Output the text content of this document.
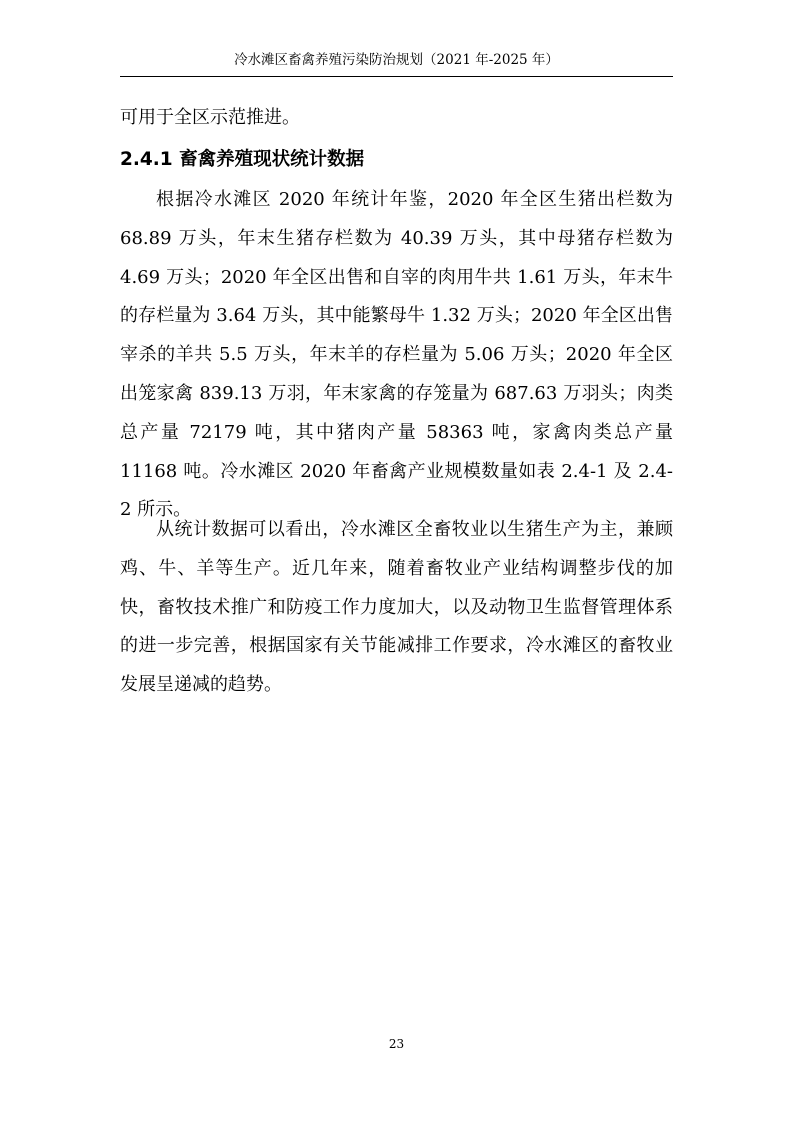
冷水滩区畜禽养殖污染防治规划（2021 年-2025 年）

可用于全区示范推进。

2.4.1 畜禽养殖现状统计数据

根据冷水滩区 2020 年统计年鉴，2020 年全区生猪出栏数为 68.89 万头，年末生猪存栏数为 40.39 万头，其中母猪存栏数为 4.69 万头；2020 年全区出售和自宰的肉用牛共 1.61 万头，年末牛的存栏量为 3.64 万头，其中能繁母牛 1.32 万头；2020 年全区出售宰杀的羊共 5.5 万头，年末羊的存栏量为 5.06 万头；2020 年全区出笼家禽 839.13 万羽，年末家禽的存笼量为 687.63 万羽头；肉类总产量 72179 吨，其中猪肉产量 58363 吨，家禽肉类总产量 11168 吨。冷水滩区 2020 年畜禽产业规模数量如表 2.4-1 及 2.4-2 所示。

从统计数据可以看出，冷水滩区全畜牧业以生猪生产为主，兼顾鸡、牛、羊等生产。近几年来，随着畜牧业产业结构调整步伐的加快，畜牧技术推广和防疫工作力度加大，以及动物卫生监督管理体系的进一步完善，根据国家有关节能减排工作要求，冷水滩区的畜牧业发展呈递减的趋势。

23
